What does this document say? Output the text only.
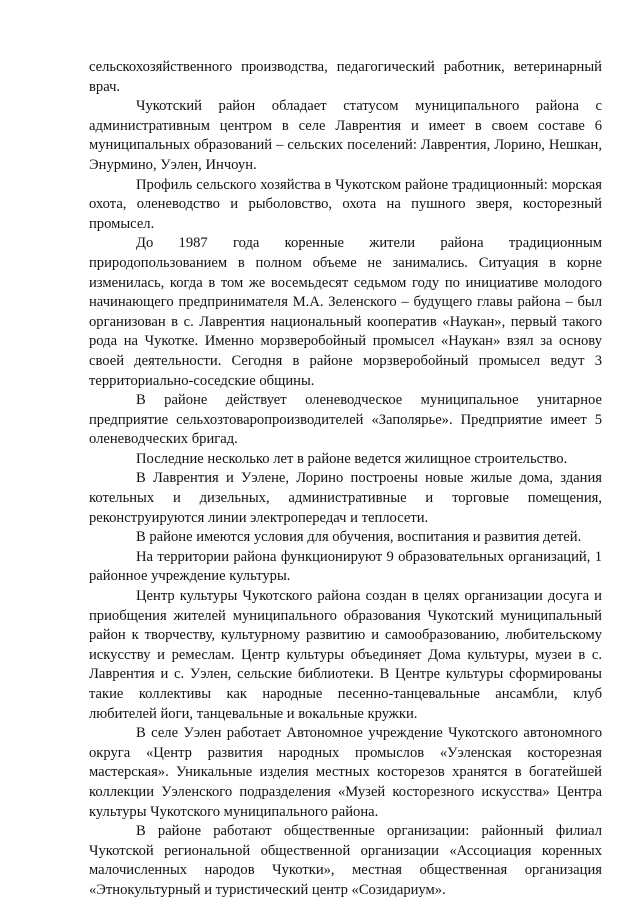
сельскохозяйственного производства, педагогический работник, ветеринарный врач.

Чукотский район обладает статусом муниципального района с административным центром в селе Лаврентия и имеет в своем составе 6 муниципальных образований – сельских поселений: Лаврентия, Лорино, Нешкан, Энурмино, Уэлен, Инчоун.

Профиль сельского хозяйства в Чукотском районе традиционный: морская охота, оленеводство и рыболовство, охота на пушного зверя, косторезный промысел.

До 1987 года коренные жители района традиционным природопользованием в полном объеме не занимались. Ситуация в корне изменилась, когда в том же восемьдесят седьмом году по инициативе молодого начинающего предпринимателя М.А. Зеленского – будущего главы района – был организован в с. Лаврентия национальный кооператив «Наукан», первый такого рода на Чукотке. Именно морзверобойный промысел «Наукан» взял за основу своей деятельности. Сегодня в районе морзверобойный промысел ведут 3 территориально-соседские общины.

В районе действует оленеводческое муниципальное унитарное предприятие сельхозтоваропроизводителей «Заполярье». Предприятие имеет 5 оленеводческих бригад.

Последние несколько лет в районе ведется жилищное строительство.

В Лаврентия и Уэлене, Лорино построены новые жилые дома, здания котельных и дизельных, административные и торговые помещения, реконструируются линии электропередач и теплосети.

В районе имеются условия для обучения, воспитания и развития детей.

На территории района функционируют 9 образовательных организаций, 1 районное учреждение культуры.

Центр культуры Чукотского района создан в целях организации досуга и приобщения жителей муниципального образования Чукотский муниципальный район к творчеству, культурному развитию и самообразованию, любительскому искусству и ремеслам. Центр культуры объединяет Дома культуры, музеи в с. Лаврентия и с. Уэлен, сельские библиотеки. В Центре культуры сформированы такие коллективы как народные песенно-танцевальные ансамбли, клуб любителей йоги, танцевальные и вокальные кружки.

В селе Уэлен работает Автономное учреждение Чукотского автономного округа «Центр развития народных промыслов «Уэленская косторезная мастерская». Уникальные изделия местных косторезов хранятся в богатейшей коллекции Уэленского подразделения «Музей косторезного искусства» Центра культуры Чукотского муниципального района.

В районе работают общественные организации: районный филиал Чукотской региональной общественной организации «Ассоциация коренных малочисленных народов Чукотки», местная общественная организация «Этнокультурный и туристический центр «Созидариум».
